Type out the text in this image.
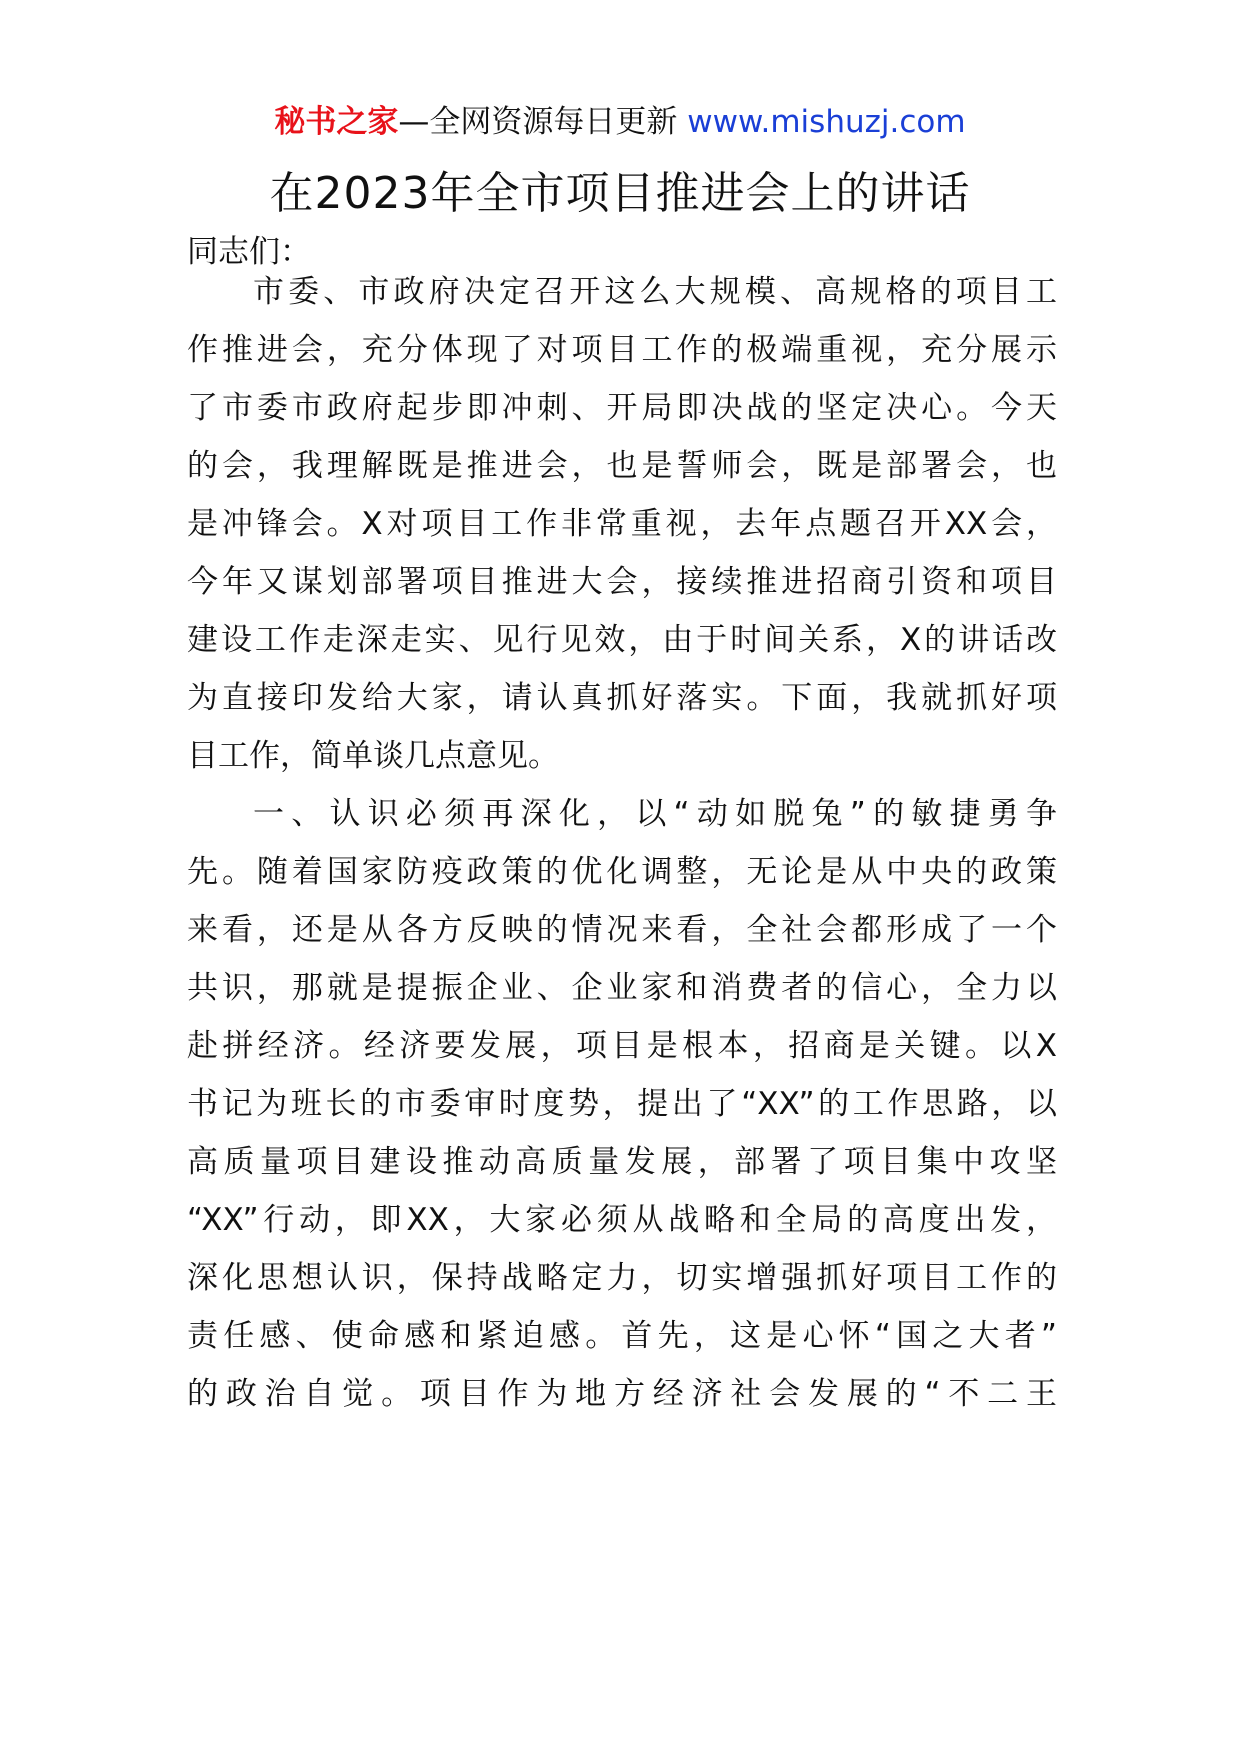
秘书之家—全网资源每日更新 www.mishuzj.com
在2023年全市项目推进会上的讲话
同志们：
市委、市政府决定召开这么大规模、高规格的项目工
作推进会，充分体现了对项目工作的极端重视，充分展示
了市委市政府起步即冲刺、开局即决战的坚定决心。今天
的会，我理解既是推进会，也是誓师会，既是部署会，也
是冲锋会。X对项目工作非常重视，去年点题召开XX会，
今年又谋划部署项目推进大会，接续推进招商引资和项目
建设工作走深走实、见行见效，由于时间关系，X的讲话改
为直接印发给大家，请认真抓好落实。下面，我就抓好项
目工作，简单谈几点意见。
一、认识必须再深化，以“动如脱兔”的敏捷勇争
先。随着国家防疫政策的优化调整，无论是从中央的政策
来看，还是从各方反映的情况来看，全社会都形成了一个
共识，那就是提振企业、企业家和消费者的信心，全力以
赴拼经济。经济要发展，项目是根本，招商是关键。以X
书记为班长的市委审时度势，提出了“XX”的工作思路，以
高质量项目建设推动高质量发展，部署了项目集中攻坚
“XX”行动，即XX，大家必须从战略和全局的高度出发，
深化思想认识，保持战略定力，切实增强抓好项目工作的
责任感、使命感和紧迫感。首先，这是心怀“国之大者”
的政治自觉。项目作为地方经济社会发展的“不二王
